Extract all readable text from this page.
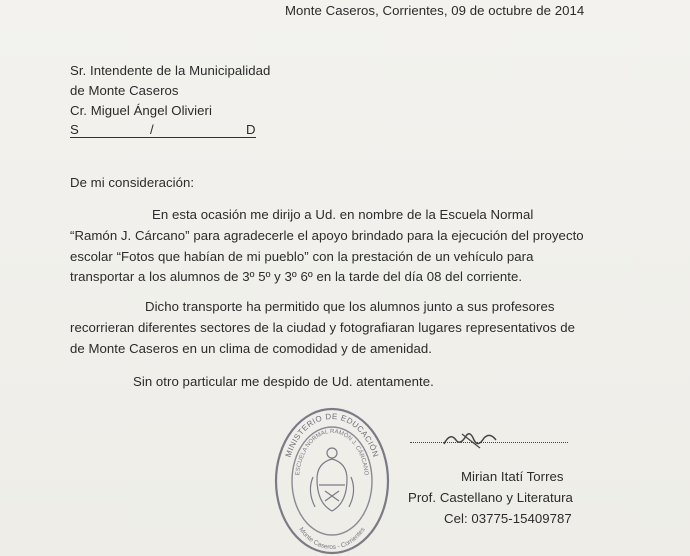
Monte Caseros, Corrientes, 09 de octubre de 2014
Sr. Intendente de la Municipalidad
de Monte Caseros
Cr. Miguel Ángel Olivieri
S	/	D
De mi consideración:
En esta ocasión me dirijo a Ud. en nombre de la Escuela Normal
“Ramón J. Cárcano” para agradecerle el apoyo brindado para la ejecución del proyecto
escolar “Fotos que habían de mi pueblo” con la prestación de un vehículo para
transportar a los alumnos de 3º 5º y 3º 6º en la tarde del día 08 del corriente.
Dicho transporte ha permitido que los alumnos junto a sus profesores
recorrieran diferentes sectores de la ciudad y fotografiaran lugares representativos de
de Monte Caseros en un clima de comodidad y de amenidad.
Sin otro particular me despido de Ud. atentamente.
MINISTERIO DE EDUCACIÓN
ESCUELA NORMAL RAMÓN J. CÁRCANO
Monte Caseros - Corrientes
Mirian Itatí Torres
Prof. Castellano y Literatura
Cel: 03775-15409787
